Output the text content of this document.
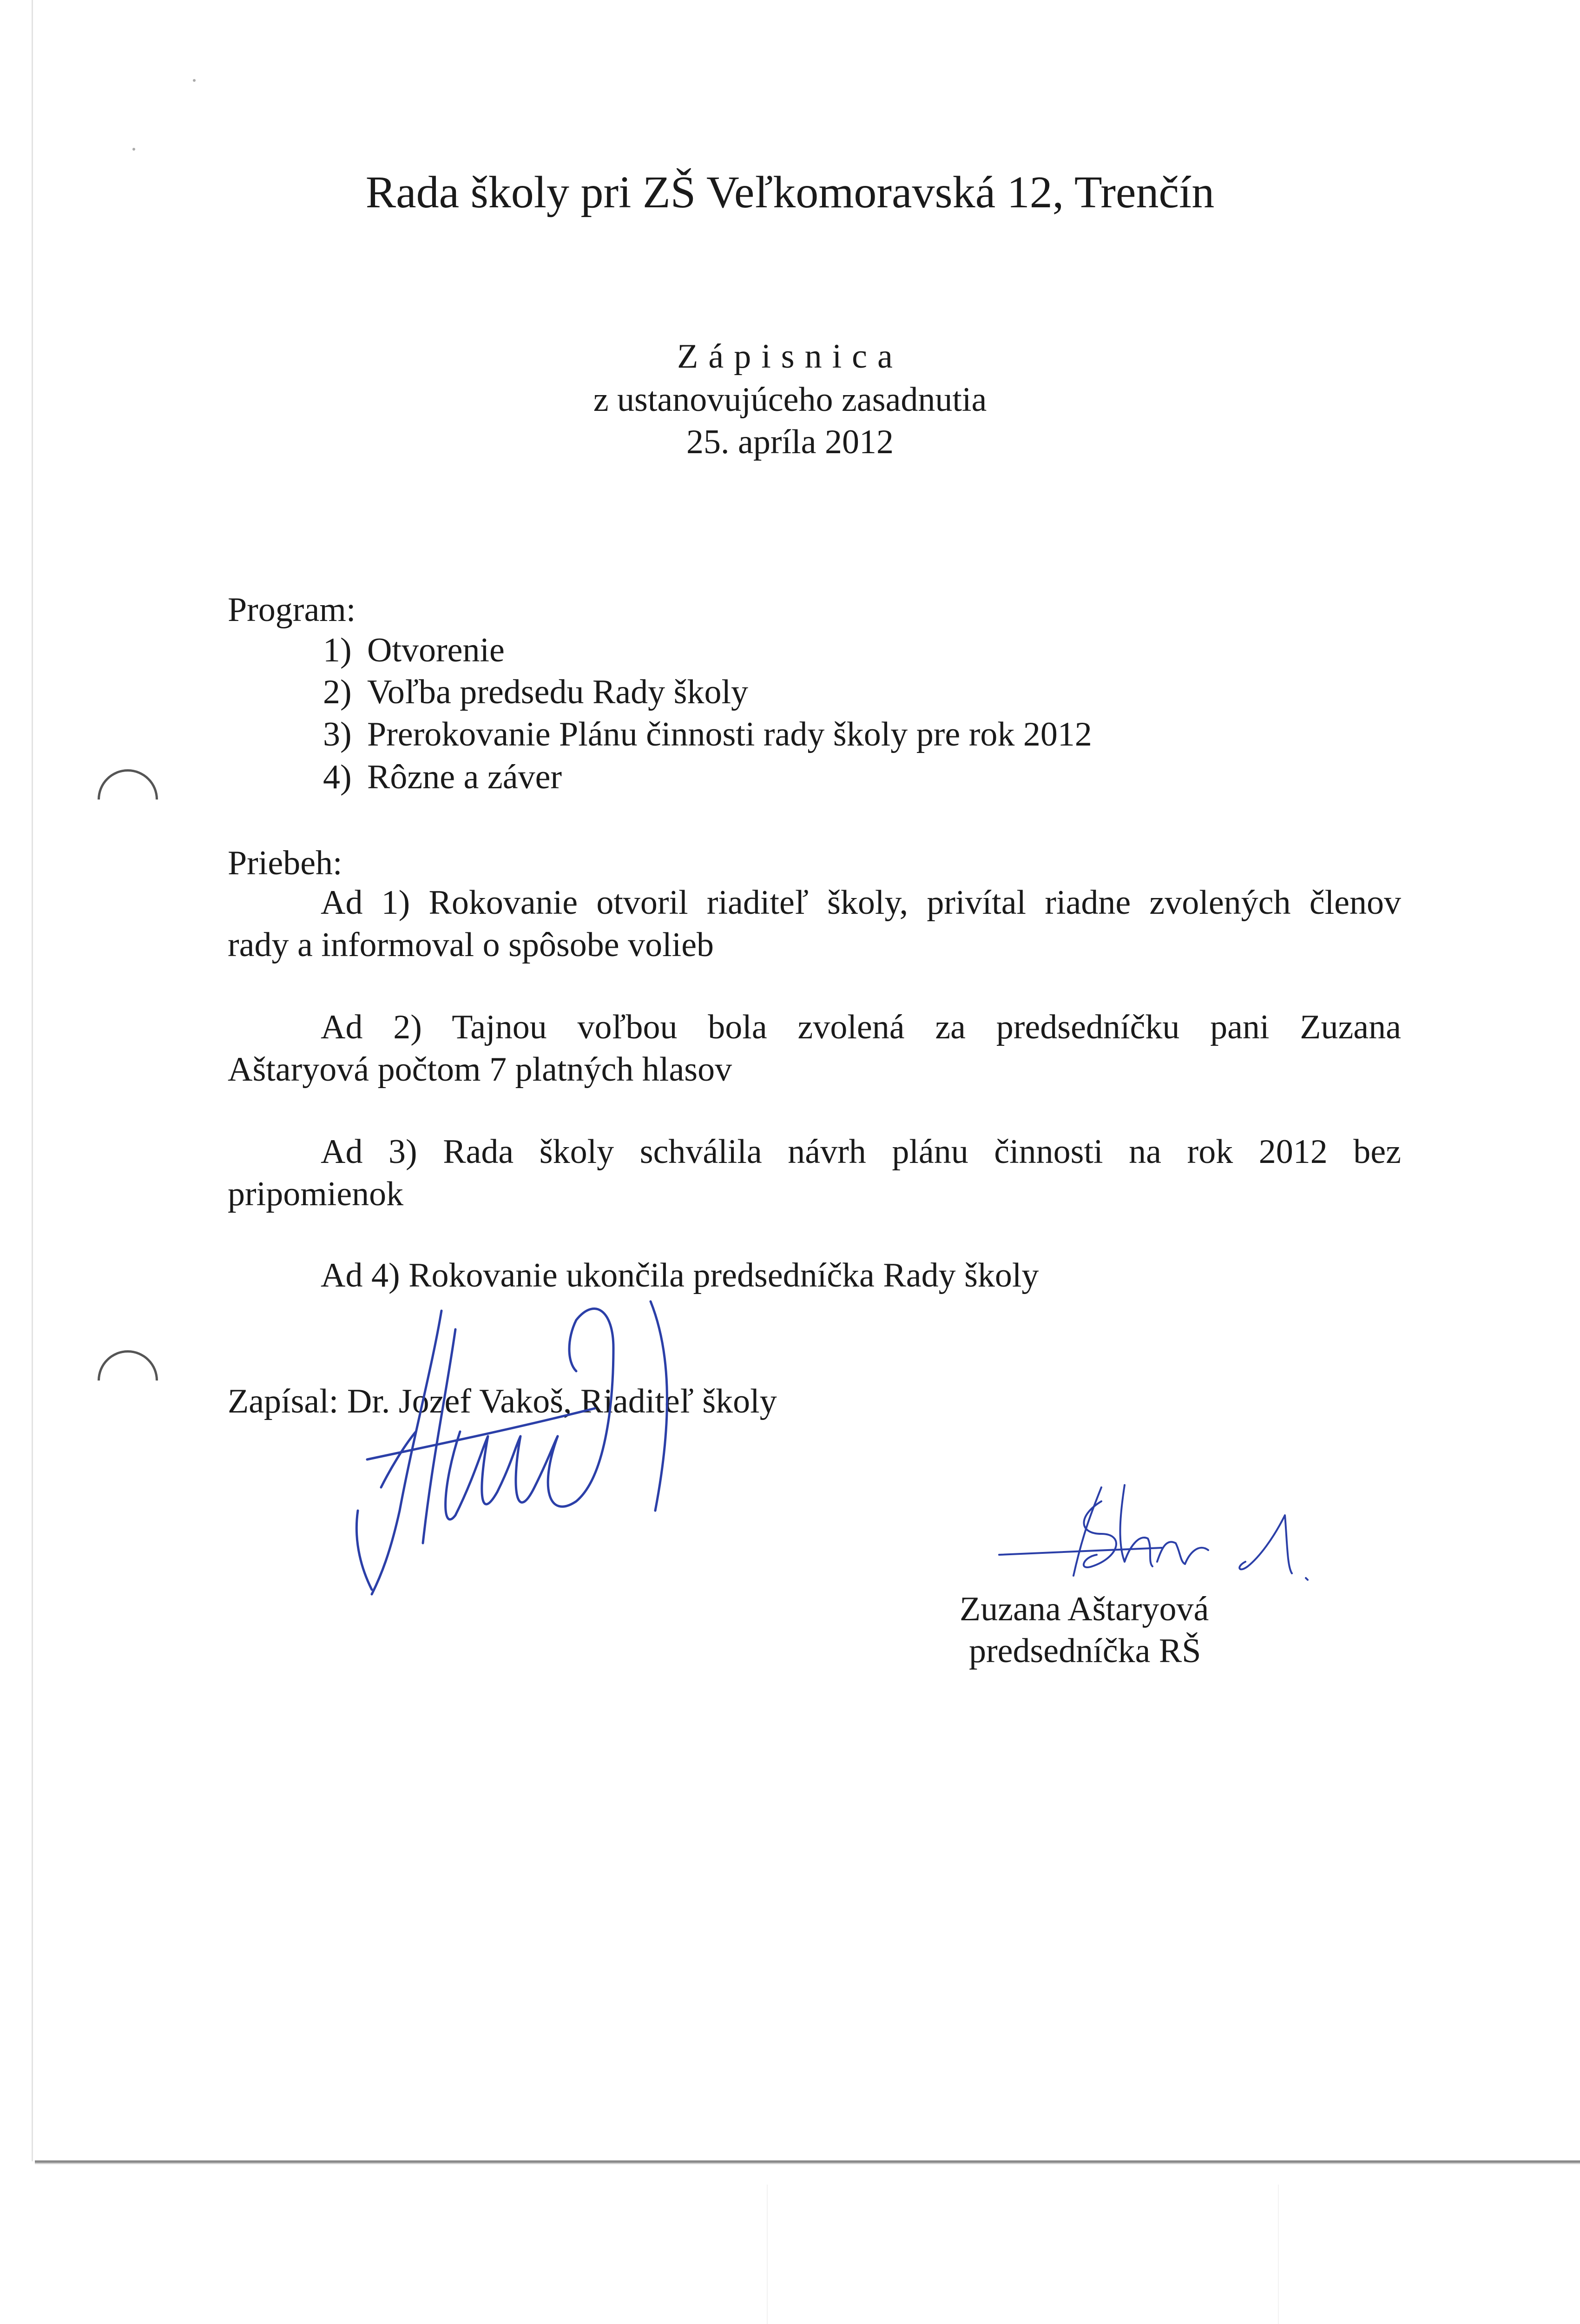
Rada školy pri ZŠ Veľkomoravská 12, Trenčín
Zápisnica
z ustanovujúceho zasadnutia
25. apríla 2012
Program:
1) Otvorenie
2) Voľba predsedu Rady školy
3) Prerokovanie Plánu činnosti rady školy pre rok 2012
4) Rôzne a záver
Priebeh:
Ad 1) Rokovanie otvoril riaditeľ školy, privítal riadne zvolených členov
rady a informoval o spôsobe volieb
Ad 2) Tajnou voľbou bola zvolená za predsedníčku pani Zuzana
Aštaryová počtom 7 platných hlasov
Ad 3) Rada školy schválila návrh plánu činnosti na rok 2012 bez
pripomienok
Ad 4) Rokovanie ukončila predsedníčka Rady školy
Zapísal: Dr. Jozef Vakoš, Riaditeľ školy
Zuzana Aštaryová
predsedníčka RŠ
